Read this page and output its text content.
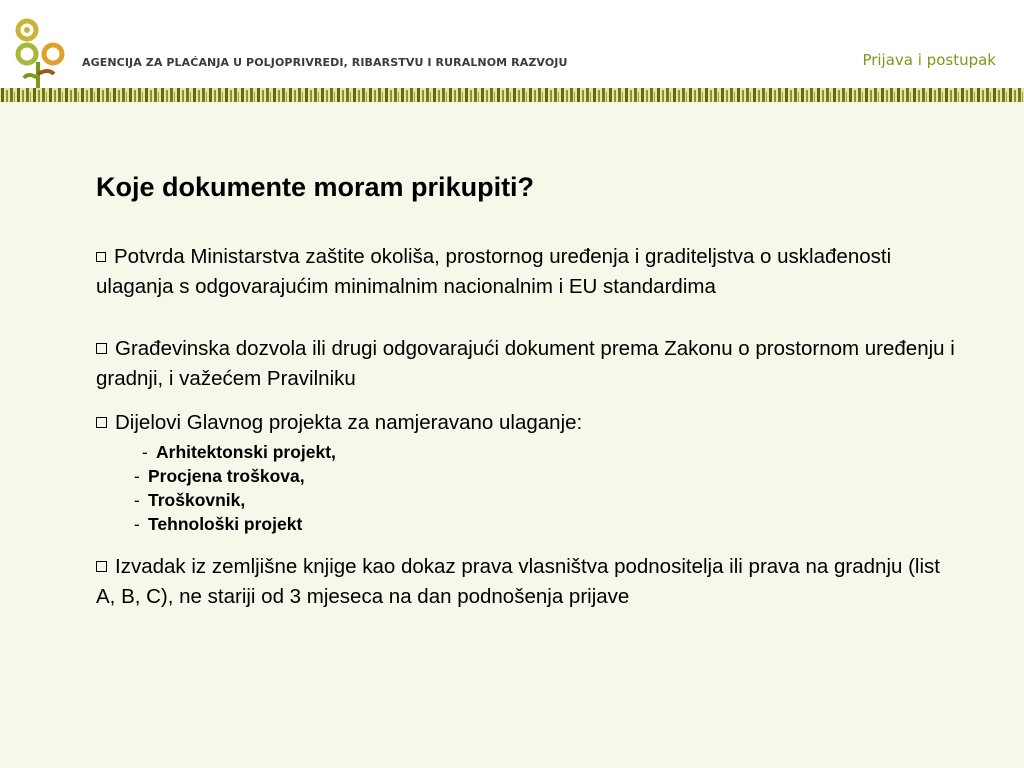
AGENCIJA ZA PLAĆANJA U POLJOPRIVREDI, RIBARSTVU I RURALNOM RAZVOJU	Prijava i postupak
Koje dokumente moram prikupiti?

Potvrda Ministarstva zaštite okoliša, prostornog uređenja i graditeljstva o usklađenosti ulaganja s odgovarajućim minimalnim nacionalnim i EU standardima

Građevinska dozvola ili drugi odgovarajući dokument prema Zakonu o prostornom uređenju i gradnji, i važećem Pravilniku

Dijelovi Glavnog projekta za namjeravano ulaganje:

- Arhitektonski projekt,

- Procjena troškova,

- Troškovnik,

- Tehnološki projekt

Izvadak iz zemljišne knjige kao dokaz prava vlasništva podnositelja ili prava na gradnju (list A, B, C), ne stariji od 3 mjeseca na dan podnošenja prijave
